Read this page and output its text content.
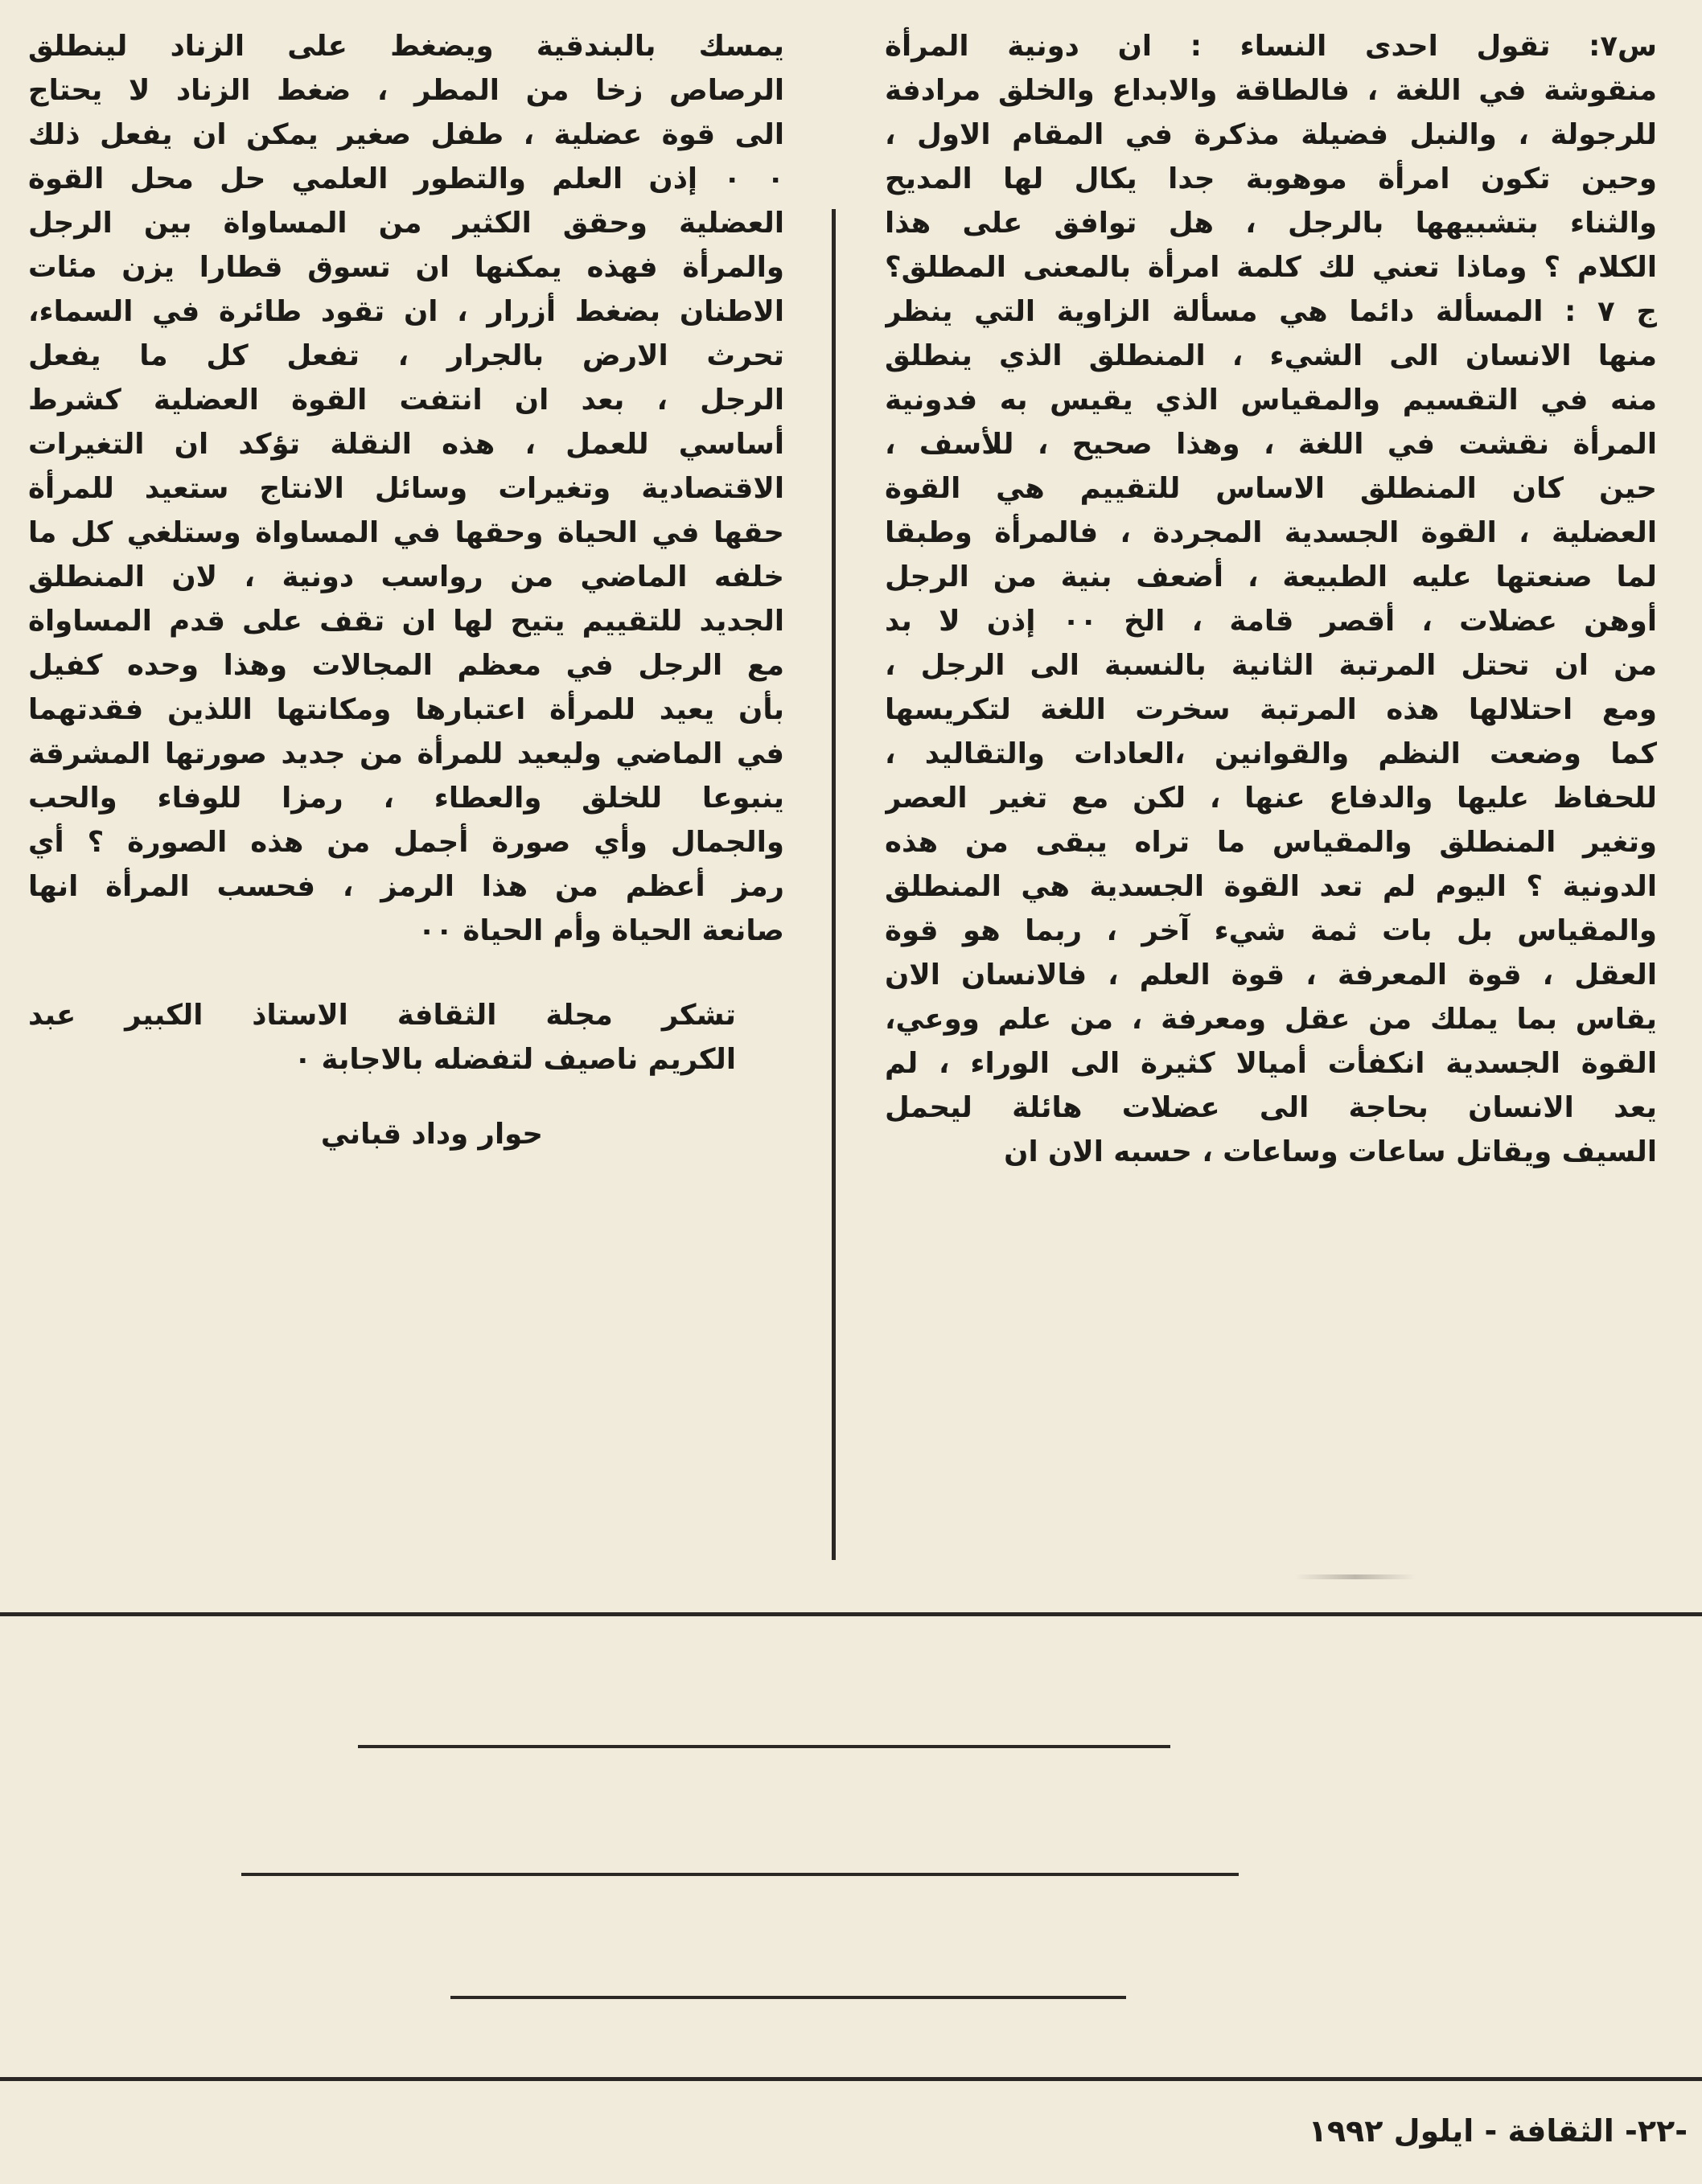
س٧: تقول احدى النساء : ان دونية المرأة
منقوشة في اللغة ، فالطاقة والابداع والخلق مرادفة
للرجولة ، والنبل فضيلة مذكرة في المقام الاول ،
وحين تكون امرأة موهوبة جدا يكال لها المديح
والثناء بتشبيهها بالرجل ، هل توافق على هذا
الكلام ؟ وماذا تعني لك كلمة امرأة بالمعنى المطلق؟
ج ٧ : المسألة دائما هي مسألة الزاوية التي ينظر
منها الانسان الى الشيء ، المنطلق الذي ينطلق
منه في التقسيم والمقياس الذي يقيس به فدونية
المرأة نقشت في اللغة ، وهذا صحيح ، للأسف ،
حين كان المنطلق الاساس للتقييم هي القوة
العضلية ، القوة الجسدية المجردة ، فالمرأة وطبقا
لما صنعتها عليه الطبيعة ، أضعف بنية من الرجل
أوهن عضلات ، أقصر قامة ، الخ ٠٠ إذن لا بد
من ان تحتل المرتبة الثانية بالنسبة الى الرجل ،
ومع احتلالها هذه المرتبة سخرت اللغة لتكريسها
كما وضعت النظم والقوانين ،العادات والتقاليد ،
للحفاظ عليها والدفاع عنها ، لكن مع تغير العصر
وتغير المنطلق والمقياس ما تراه يبقى من هذه
الدونية ؟ اليوم لم تعد القوة الجسدية هي المنطلق
والمقياس بل بات ثمة شيء آخر ، ربما هو قوة
العقل ، قوة المعرفة ، قوة العلم ، فالانسان الان
يقاس بما يملك من عقل ومعرفة ، من علم ووعي،
القوة الجسدية انكفأت أميالا كثيرة الى الوراء ، لم
يعد الانسان بحاجة الى عضلات هائلة ليحمل
السيف ويقاتل ساعات وساعات ، حسبه الان ان
يمسك بالبندقية ويضغط على الزناد لينطلق
الرصاص زخا من المطر ، ضغط الزناد لا يحتاج
الى قوة عضلية ، طفل صغير يمكن ان يفعل ذلك
٠ ٠ إذن العلم والتطور العلمي حل محل القوة
العضلية وحقق الكثير من المساواة بين الرجل
والمرأة فهذه يمكنها ان تسوق قطارا يزن مئات
الاطنان بضغط أزرار ، ان تقود طائرة في السماء،
تحرث الارض بالجرار ، تفعل كل ما يفعل
الرجل ، بعد ان انتفت القوة العضلية كشرط
أساسي للعمل ، هذه النقلة تؤكد ان التغيرات
الاقتصادية وتغيرات وسائل الانتاج ستعيد للمرأة
حقها في الحياة وحقها في المساواة وستلغي كل ما
خلفه الماضي من رواسب دونية ، لان المنطلق
الجديد للتقييم يتيح لها ان تقف على قدم المساواة
مع الرجل في معظم المجالات وهذا وحده كفيل
بأن يعيد للمرأة اعتبارها ومكانتها اللذين فقدتهما
في الماضي وليعيد للمرأة من جديد صورتها المشرقة
ينبوعا للخلق والعطاء ، رمزا للوفاء والحب
والجمال وأي صورة أجمل من هذه الصورة ؟ أي
رمز أعظم من هذا الرمز ، فحسب المرأة انها
صانعة الحياة وأم الحياة ٠٠
تشكر مجلة الثقافة الاستاذ الكبير عبد
الكريم ناصيف لتفضله بالاجابة ٠
حوار وداد قباني
-٢٢- الثقافة - ايلول ١٩٩٢
